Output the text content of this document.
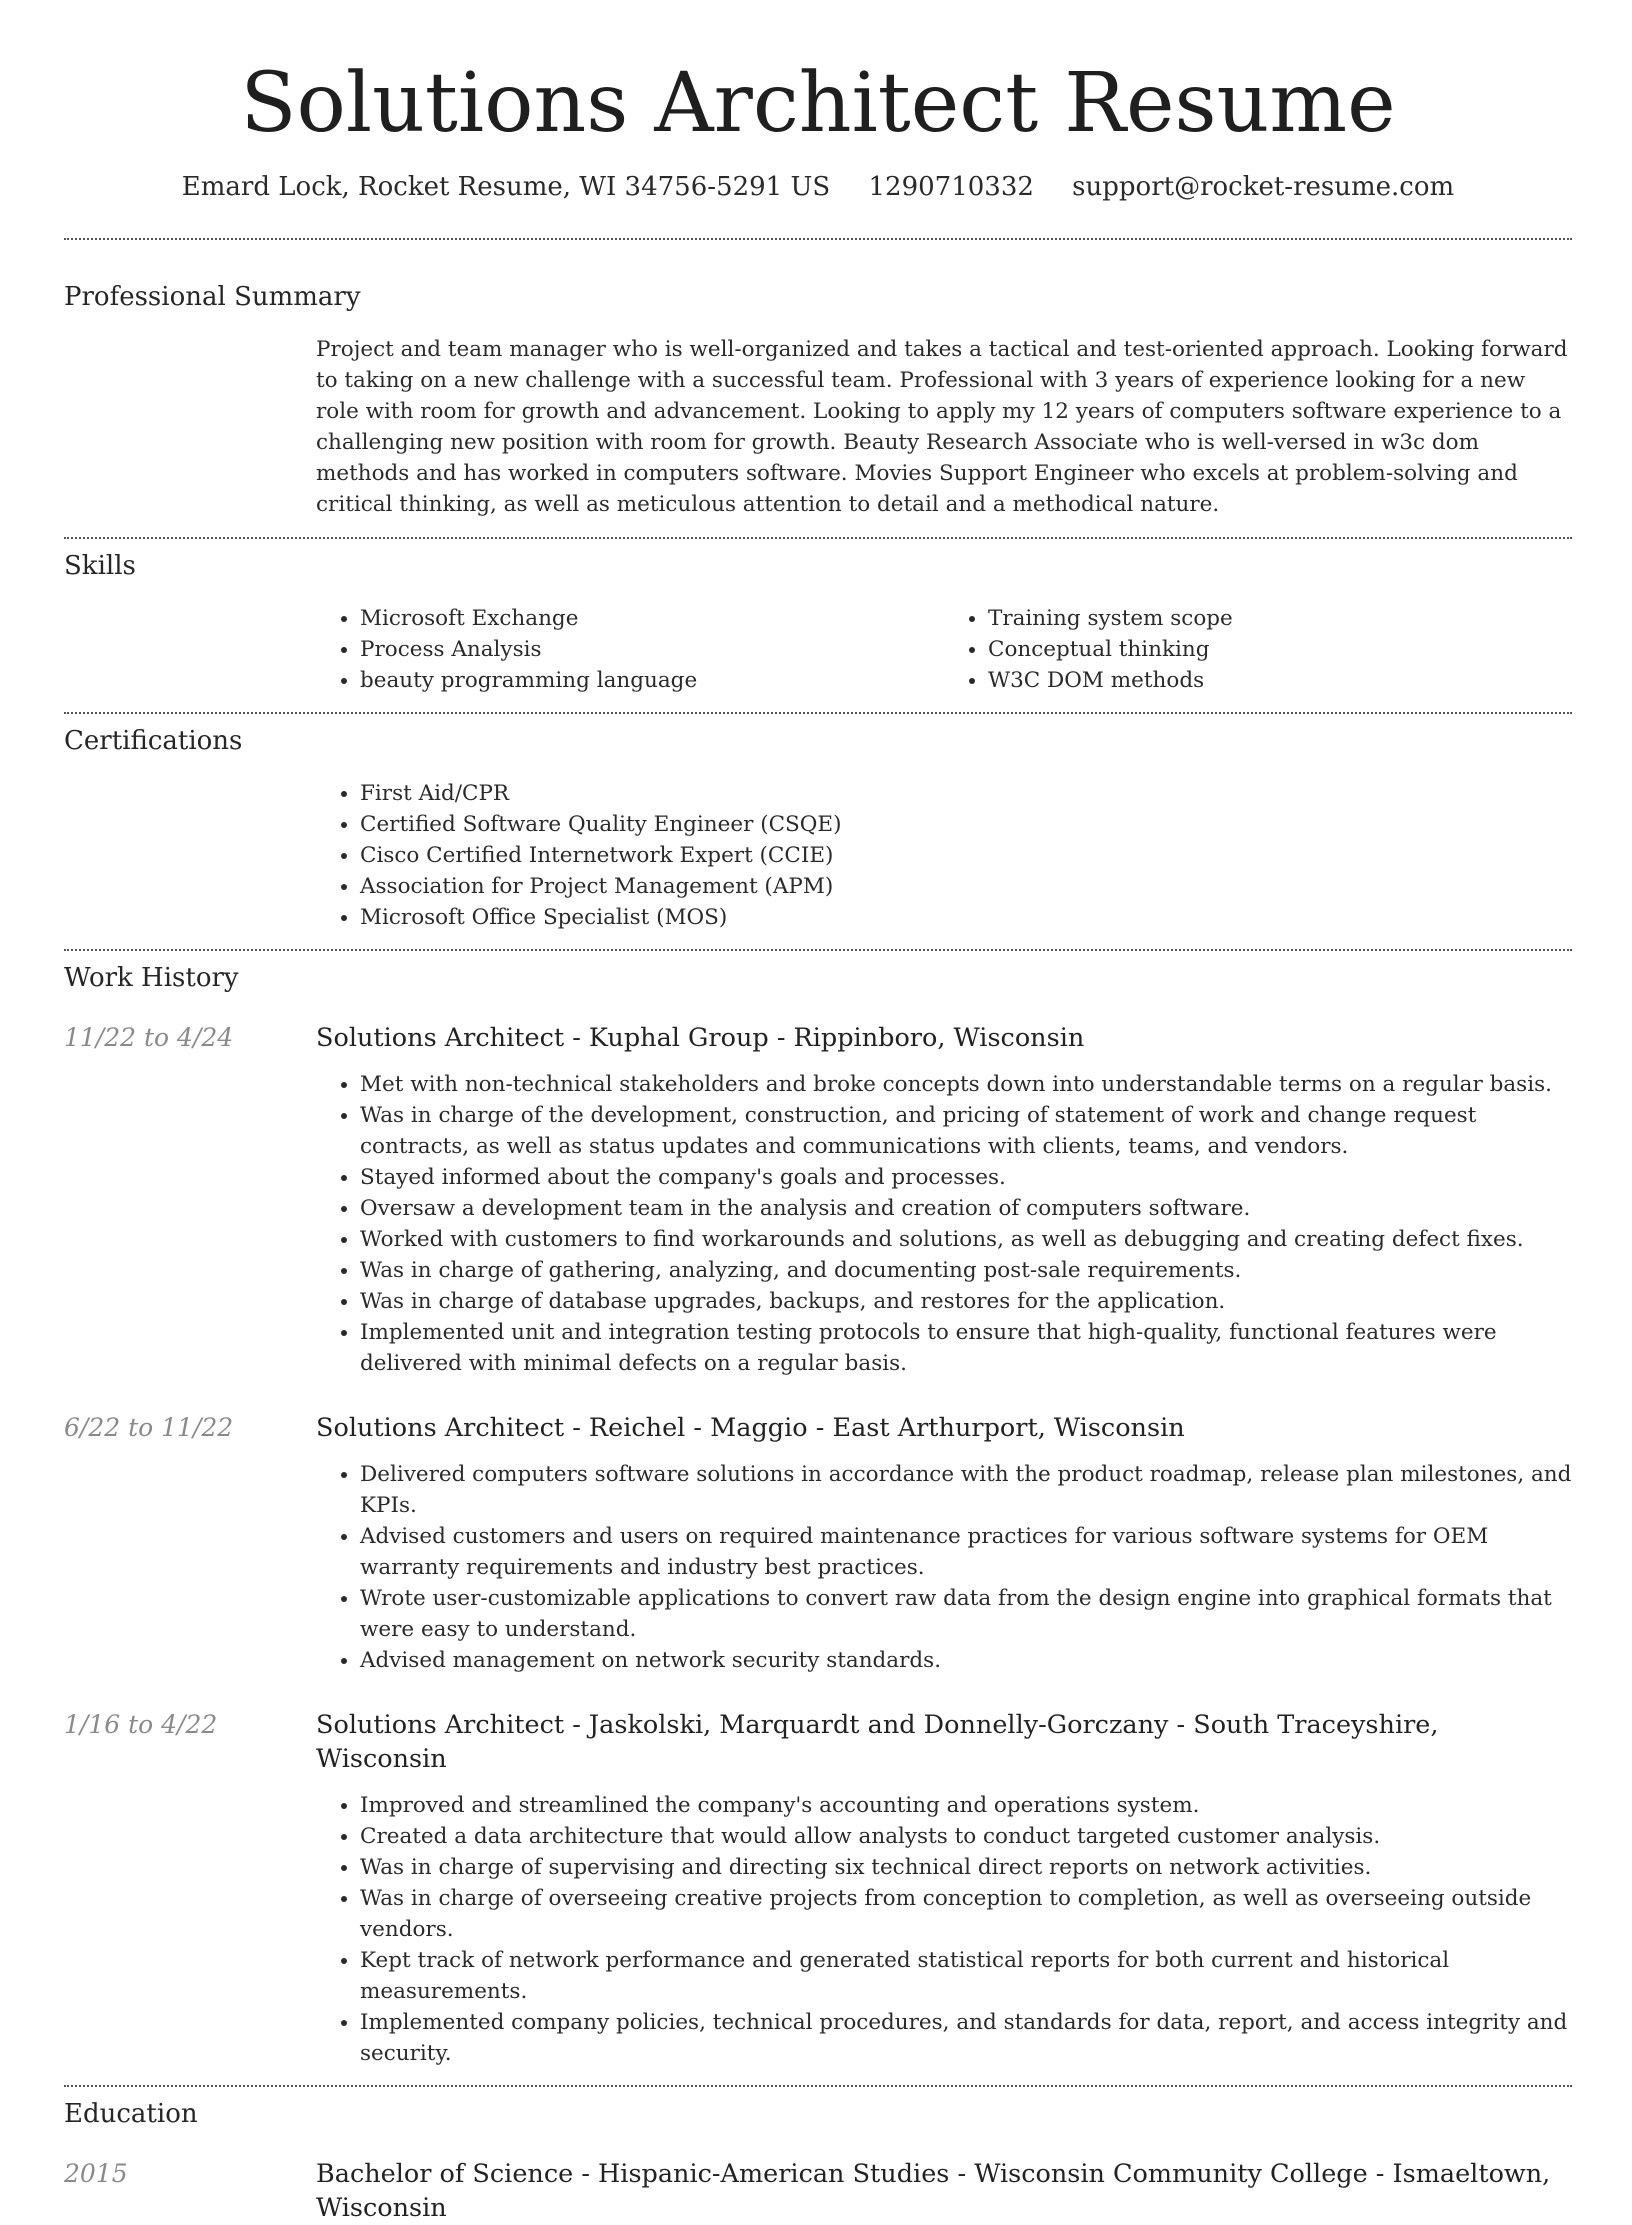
Solutions Architect Resume
Emard Lock, Rocket Resume, WI 34756-5291 US 1290710332 support@rocket-resume.com
Professional Summary

Project and team manager who is well-organized and takes a tactical and test-oriented approach. Looking forward to taking on a new challenge with a successful team. Professional with 3 years of experience looking for a new role with room for growth and advancement. Looking to apply my 12 years of computers software experience to a challenging new position with room for growth. Beauty Research Associate who is well-versed in w3c dom methods and has worked in computers software. Movies Support Engineer who excels at problem-solving and critical thinking, as well as meticulous attention to detail and a methodical nature.

Skills
• Microsoft Exchange
• Process Analysis
• beauty programming language
• Training system scope
• Conceptual thinking
• W3C DOM methods
Certifications
• First Aid/CPR
• Certified Software Quality Engineer (CSQE)
• Cisco Certified Internetwork Expert (CCIE)
• Association for Project Management (APM)
• Microsoft Office Specialist (MOS)
Work History
11/22 to 4/24	Solutions Architect - Kuphal Group - Rippinboro, Wisconsin
• Met with non-technical stakeholders and broke concepts down into understandable terms on a regular basis.
• Was in charge of the development, construction, and pricing of statement of work and change request contracts, as well as status updates and communications with clients, teams, and vendors.
• Stayed informed about the company's goals and processes.
• Oversaw a development team in the analysis and creation of computers software.
• Worked with customers to find workarounds and solutions, as well as debugging and creating defect fixes.
• Was in charge of gathering, analyzing, and documenting post-sale requirements.
• Was in charge of database upgrades, backups, and restores for the application.
• Implemented unit and integration testing protocols to ensure that high-quality, functional features were delivered with minimal defects on a regular basis.
6/22 to 11/22	Solutions Architect - Reichel - Maggio - East Arthurport, Wisconsin
• Delivered computers software solutions in accordance with the product roadmap, release plan milestones, and KPIs.
• Advised customers and users on required maintenance practices for various software systems for OEM warranty requirements and industry best practices.
• Wrote user-customizable applications to convert raw data from the design engine into graphical formats that were easy to understand.
• Advised management on network security standards.
1/16 to 4/22	Solutions Architect - Jaskolski, Marquardt and Donnelly-Gorczany - South Traceyshire, Wisconsin
• Improved and streamlined the company's accounting and operations system.
• Created a data architecture that would allow analysts to conduct targeted customer analysis.
• Was in charge of supervising and directing six technical direct reports on network activities.
• Was in charge of overseeing creative projects from conception to completion, as well as overseeing outside vendors.
• Kept track of network performance and generated statistical reports for both current and historical measurements.
• Implemented company policies, technical procedures, and standards for data, report, and access integrity and security.
Education
2015	Bachelor of Science - Hispanic-American Studies - Wisconsin Community College - Ismaeltown, Wisconsin
